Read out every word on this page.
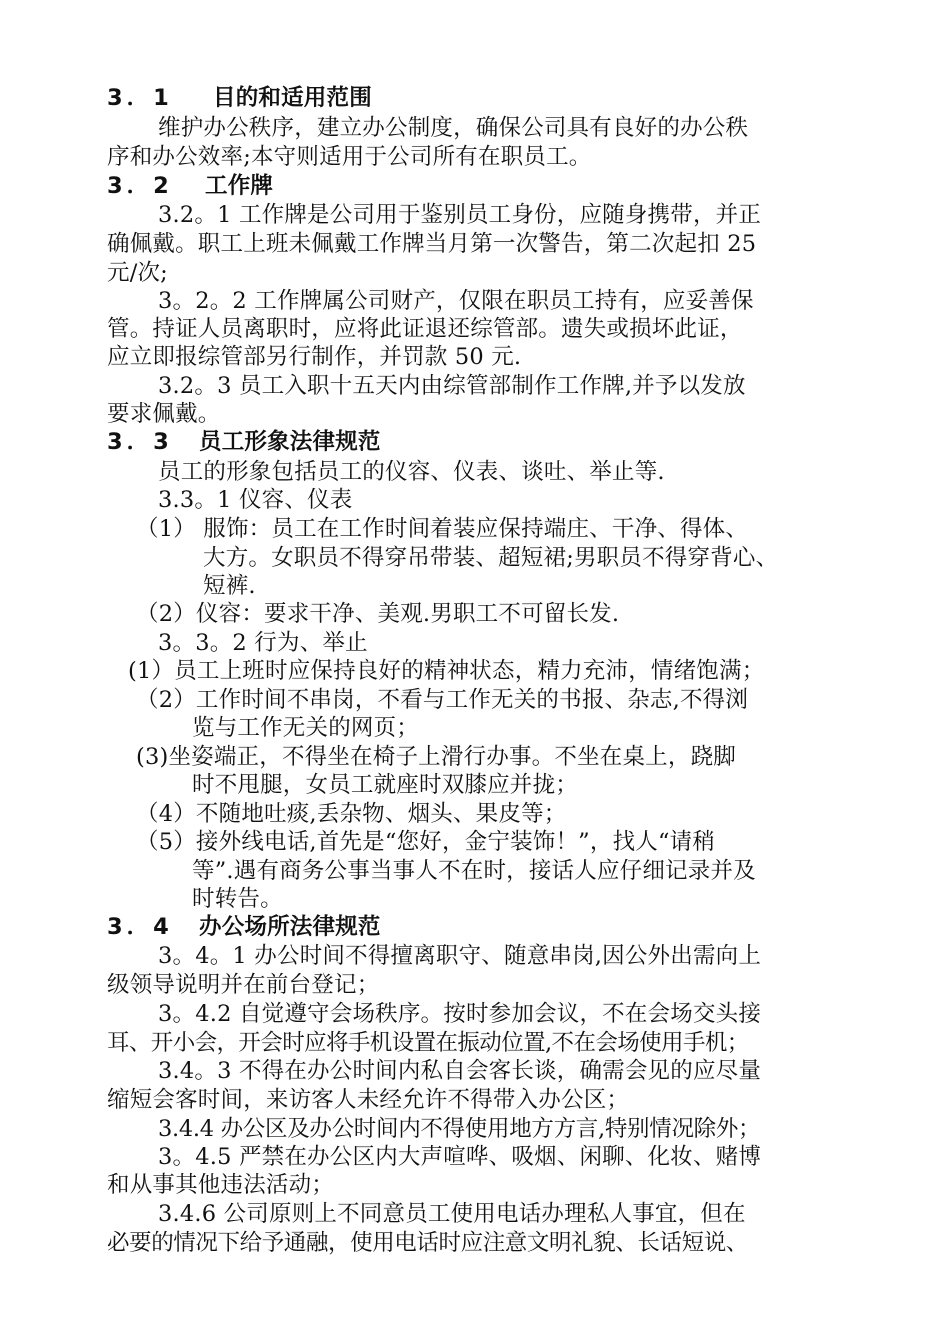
3．1 目的和适用范围
维护办公秩序，建立办公制度，确保公司具有良好的办公秩
序和办公效率;本守则适用于公司所有在职员工。
3．2 工作牌
3.2。1 工作牌是公司用于鉴别员工身份，应随身携带，并正
确佩戴。职工上班未佩戴工作牌当月第一次警告，第二次起扣 25
元/次;
3。2。2 工作牌属公司财产，仅限在职员工持有，应妥善保
管。持证人员离职时，应将此证退还综管部。遗失或损坏此证，
应立即报综管部另行制作，并罚款 50 元.
3.2。3 员工入职十五天内由综管部制作工作牌,并予以发放
要求佩戴。
3．3 员工形象法律规范
员工的形象包括员工的仪容、仪表、谈吐、举止等.
3.3。1 仪容、仪表
（1） 服饰：员工在工作时间着装应保持端庄、干净、得体、
大方。女职员不得穿吊带装、超短裙;男职员不得穿背心、
短裤.
（2）仪容：要求干净、美观.男职工不可留长发.
3。3。2 行为、举止
(1）员工上班时应保持良好的精神状态，精力充沛，情绪饱满；
（2）工作时间不串岗，不看与工作无关的书报、杂志,不得浏
览与工作无关的网页；
(3)坐姿端正，不得坐在椅子上滑行办事。不坐在桌上，跷脚
时不甩腿，女员工就座时双膝应并拢；
（4）不随地吐痰,丢杂物、烟头、果皮等；
（5）接外线电话,首先是“您好，金宁装饰！”，找人“请稍
等”.遇有商务公事当事人不在时，接话人应仔细记录并及
时转告。
3．4 办公场所法律规范
3。4。1 办公时间不得擅离职守、随意串岗,因公外出需向上
级领导说明并在前台登记；
3。4.2 自觉遵守会场秩序。按时参加会议，不在会场交头接
耳、开小会，开会时应将手机设置在振动位置,不在会场使用手机；
3.4。3 不得在办公时间内私自会客长谈，确需会见的应尽量
缩短会客时间，来访客人未经允许不得带入办公区；
3.4.4 办公区及办公时间内不得使用地方方言,特别情况除外；
3。4.5 严禁在办公区内大声喧哗、吸烟、闲聊、化妆、赌博
和从事其他违法活动；
3.4.6 公司原则上不同意员工使用电话办理私人事宜，但在
必要的情况下给予通融，使用电话时应注意文明礼貌、长话短说、
